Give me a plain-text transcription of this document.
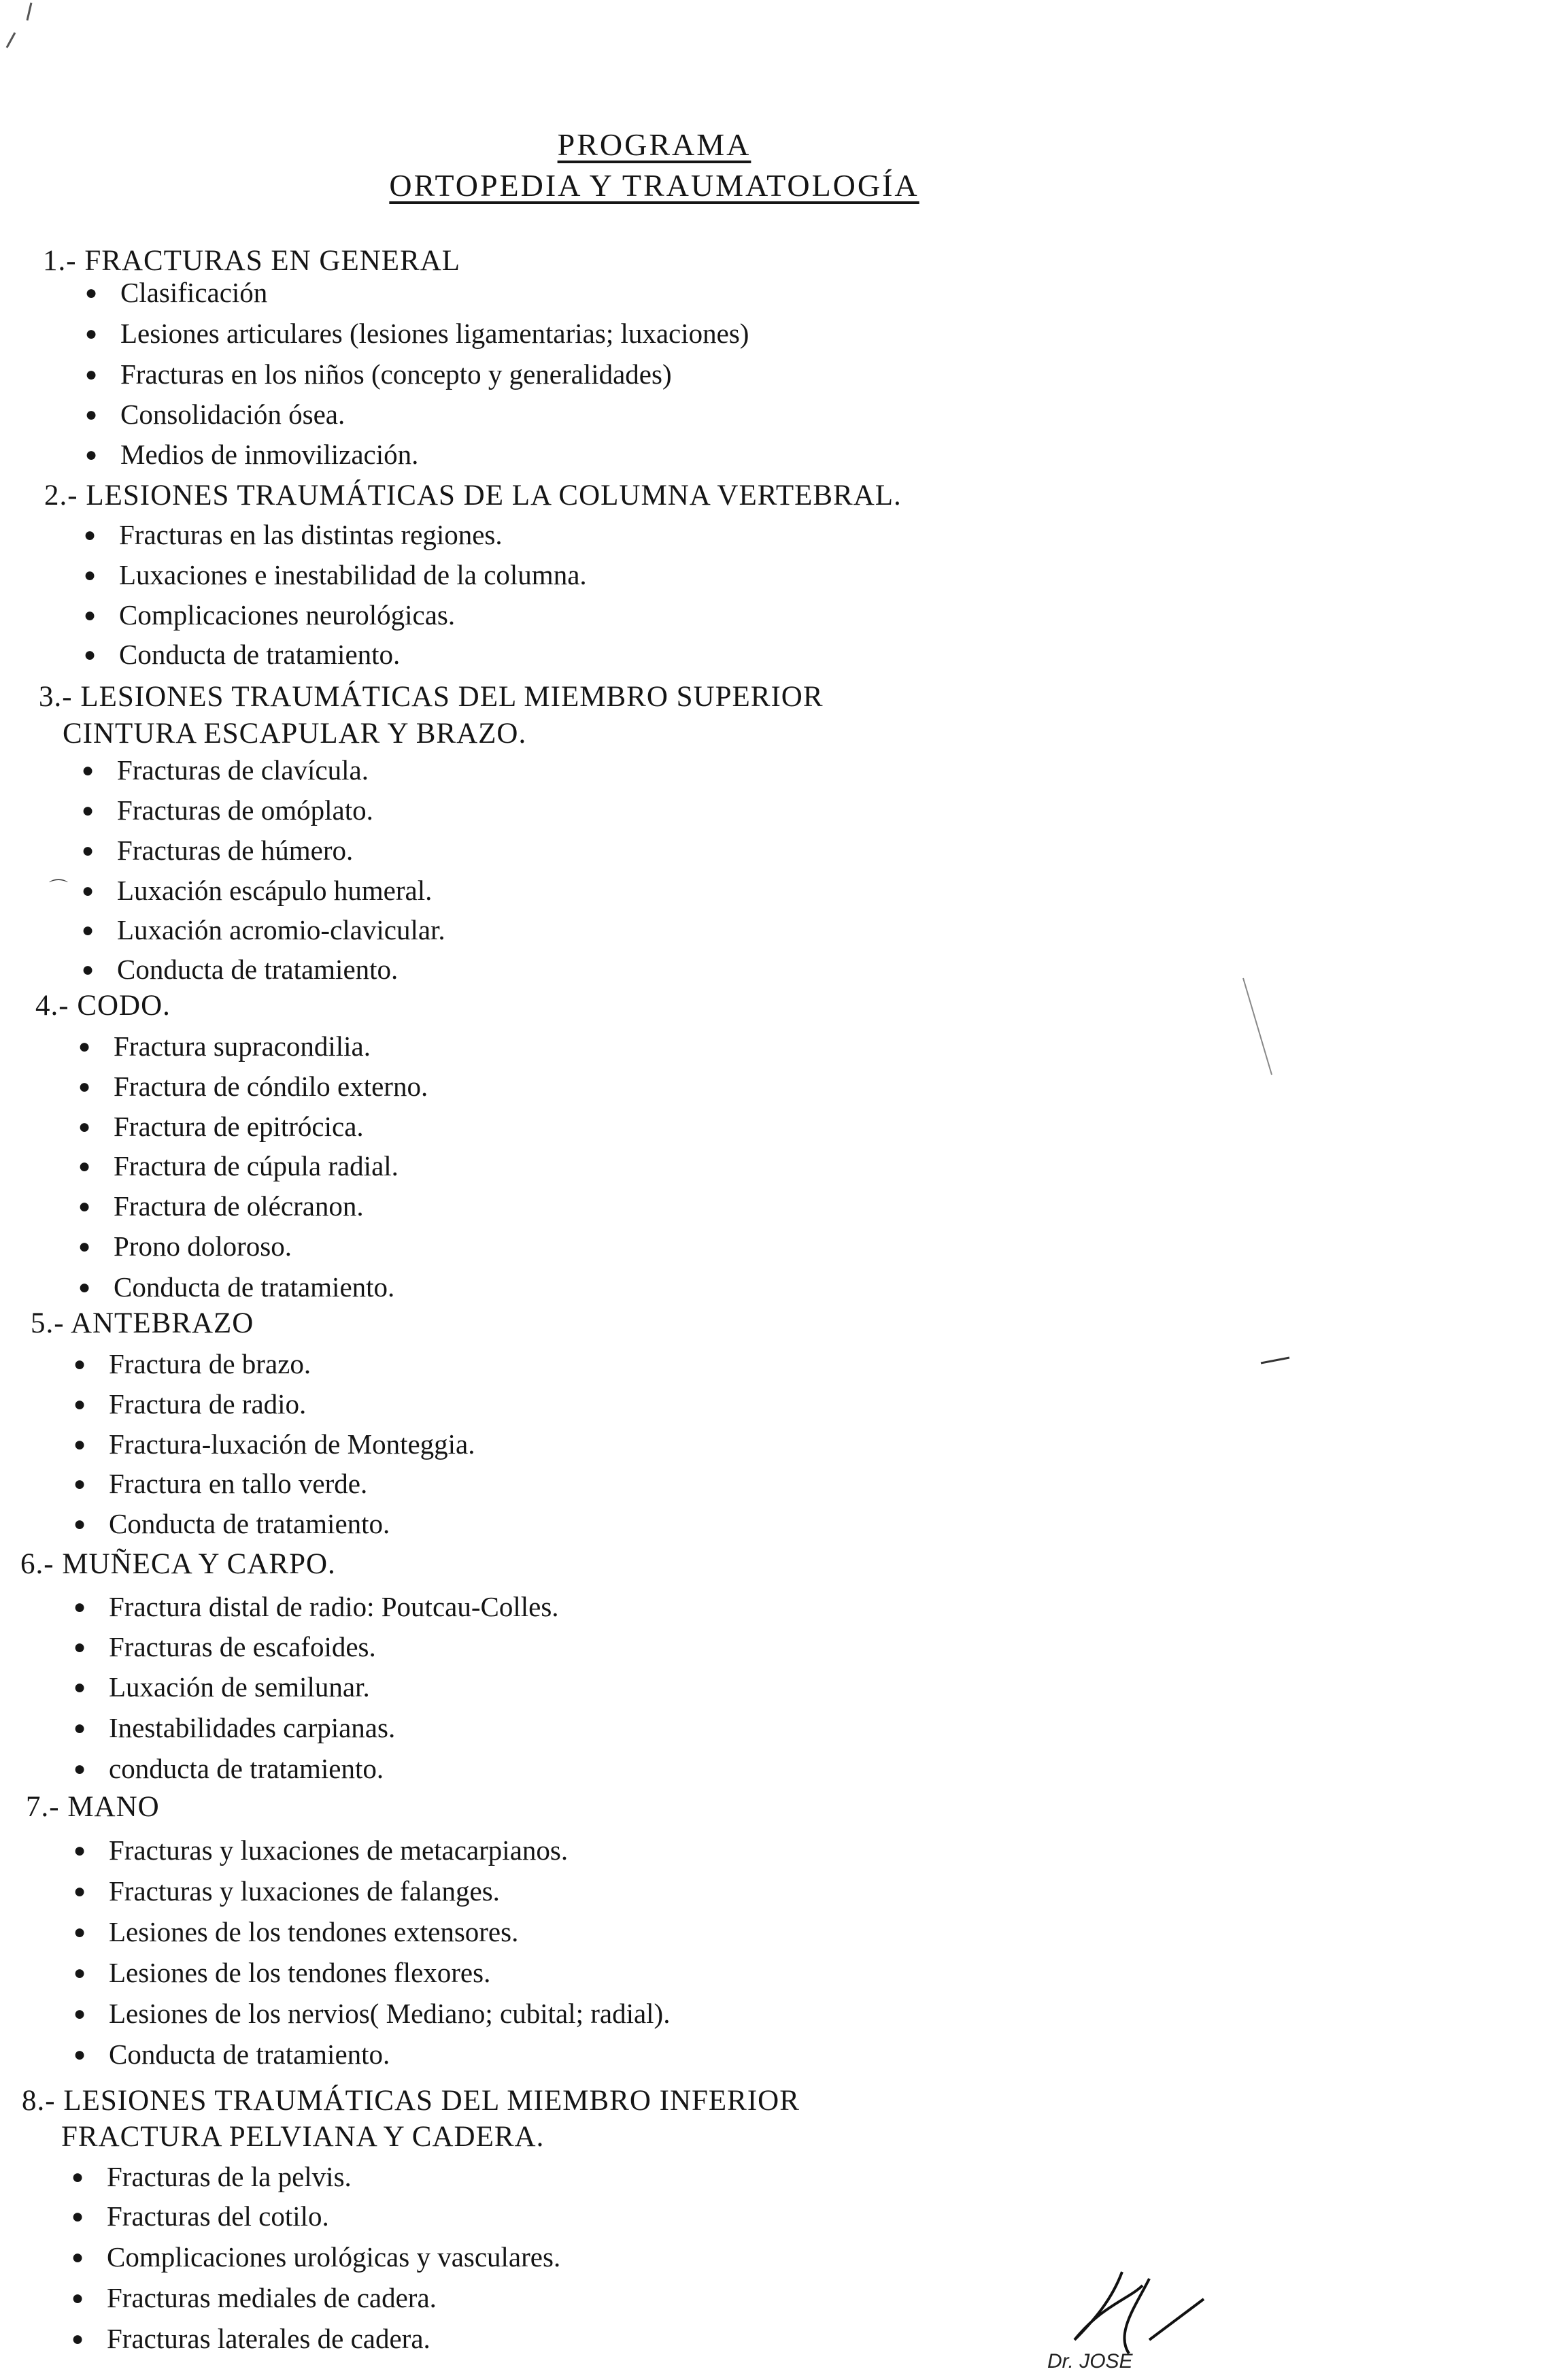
PROGRAMA
ORTOPEDIA Y TRAUMATOLOGÍA
1.- FRACTURAS EN GENERAL
● Clasificación
● Lesiones articulares (lesiones ligamentarias; luxaciones)
● Fracturas en los niños (concepto y generalidades)
● Consolidación ósea.
● Medios de inmovilización.
2.- LESIONES TRAUMÁTICAS DE LA COLUMNA VERTEBRAL.
● Fracturas en las distintas regiones.
● Luxaciones e inestabilidad de la columna.
● Complicaciones neurológicas.
● Conducta de tratamiento.
3.- LESIONES TRAUMÁTICAS DEL MIEMBRO SUPERIOR
CINTURA ESCAPULAR Y BRAZO.
● Fracturas de clavícula.
● Fracturas de omóplato.
● Fracturas de húmero.
● Luxación escápulo humeral.
● Luxación acromio-clavicular.
● Conducta de tratamiento.
⌒
4.- CODO.
● Fractura supracondilia.
● Fractura de cóndilo externo.
● Fractura de epitrócica.
● Fractura de cúpula radial.
● Fractura de olécranon.
● Prono doloroso.
● Conducta de tratamiento.
5.- ANTEBRAZO
● Fractura de brazo.
● Fractura de radio.
● Fractura-luxación de Monteggia.
● Fractura en tallo verde.
● Conducta de tratamiento.
6.- MUÑECA Y CARPO.
● Fractura distal de radio: Poutcau-Colles.
● Fracturas de escafoides.
● Luxación de semilunar.
● Inestabilidades carpianas.
● conducta de tratamiento.
7.- MANO
● Fracturas y luxaciones de metacarpianos.
● Fracturas y luxaciones de falanges.
● Lesiones de los tendones extensores.
● Lesiones de los tendones flexores.
● Lesiones de los nervios( Mediano; cubital; radial).
● Conducta de tratamiento.
8.- LESIONES TRAUMÁTICAS DEL MIEMBRO INFERIOR
FRACTURA PELVIANA Y CADERA.
● Fracturas de la pelvis.
● Fracturas del cotilo.
● Complicaciones urológicas y vasculares.
● Fracturas mediales de cadera.
● Fracturas laterales de cadera.
Dr. JOSE
